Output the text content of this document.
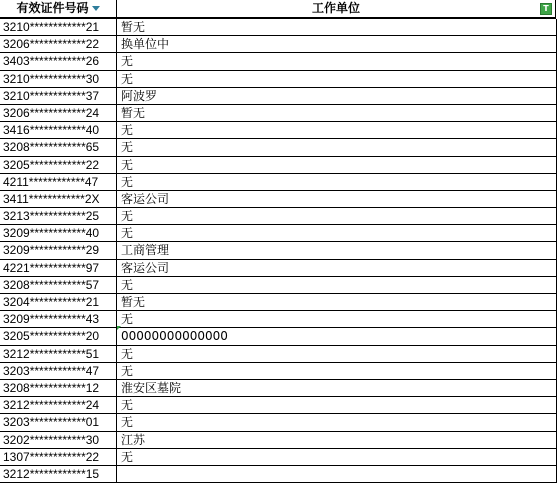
有效证件号码	工作单位	T
3210************21	暂无
3206************22	换单位中
3403************26	无
3210************30	无
3210************37	阿波罗
3206************24	暂无
3416************40	无
3208************65	无
3205************22	无
4211************47	无
3411************2X	客运公司
3213************25	无
3209************40	无
3209************29	工商管理
4221************97	客运公司
3208************57	无
3204************21	暂无
3209************43	无
3205************20	00000000000000
3212************51	无
3203************47	无
3208************12	淮安区墓院
3212************24	无
3203************01	无
3202************30	江苏
1307************22	无
3212************15
